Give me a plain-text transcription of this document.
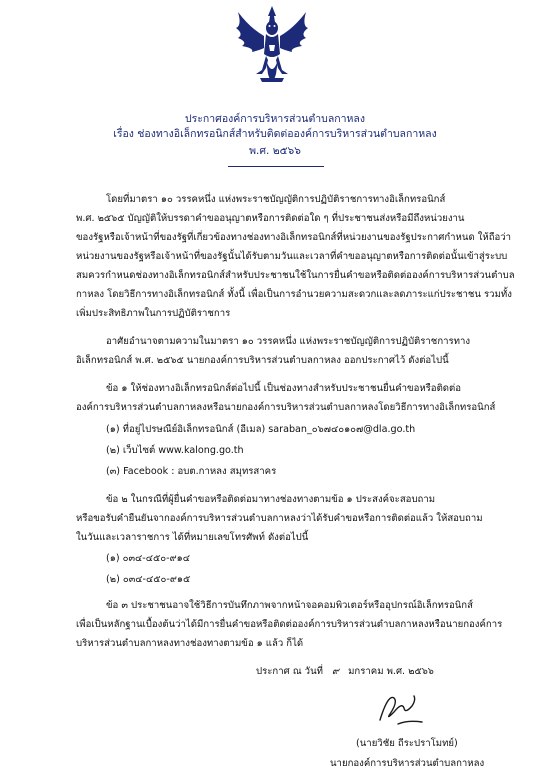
ประกาศองค์การบริหารส่วนตำบลกาหลง
เรื่อง ช่องทางอิเล็กทรอนิกส์สำหรับติดต่อองค์การบริหารส่วนตำบลกาหลง
พ.ศ. ๒๕๖๖
โดยที่มาตรา ๑๐ วรรคหนึ่ง แห่งพระราชบัญญัติการปฏิบัติราชการทางอิเล็กทรอนิกส์
พ.ศ. ๒๕๖๕ บัญญัติให้บรรดาคำขออนุญาตหรือการติดต่อใด ๆ ที่ประชาชนส่งหรือมีถึงหน่วยงาน
ของรัฐหรือเจ้าหน้าที่ของรัฐที่เกี่ยวข้องทางช่องทางอิเล็กทรอนิกส์ที่หน่วยงานของรัฐประกาศกำหนด ให้ถือว่า
หน่วยงานของรัฐหรือเจ้าหน้าที่ของรัฐนั้นได้รับตามวันและเวลาที่คำขออนุญาตหรือการติดต่อนั้นเข้าสู่ระบบ
สมควรกำหนดช่องทางอิเล็กทรอนิกส์สำหรับประชาชนใช้ในการยื่นคำขอหรือติดต่อองค์การบริหารส่วนตำบล
กาหลง โดยวิธีการทางอิเล็กทรอนิกส์ ทั้งนี้ เพื่อเป็นการอำนวยความสะดวกและลดภาระแก่ประชาชน รวมทั้ง
เพิ่มประสิทธิภาพในการปฏิบัติราชการ
อาศัยอำนาจตามความในมาตรา ๑๐ วรรคหนึ่ง แห่งพระราชบัญญัติการปฏิบัติราชการทาง
อิเล็กทรอนิกส์ พ.ศ. ๒๕๖๕ นายกองค์การบริหารส่วนตำบลกาหลง ออกประกาศไว้ ดังต่อไปนี้
ข้อ ๑ ให้ช่องทางอิเล็กทรอนิกส์ต่อไปนี้ เป็นช่องทางสำหรับประชาชนยื่นคำขอหรือติดต่อ
องค์การบริหารส่วนตำบลกาหลงหรือนายกองค์การบริหารส่วนตำบลกาหลงโดยวิธีการทางอิเล็กทรอนิกส์
(๑) ที่อยู่ไปรษณีย์อิเล็กทรอนิกส์ (อีเมล) saraban_๐๖๗๔๐๑๐๗@dla.go.th
(๒) เว็บไซต์ www.kalong.go.th
(๓) Facebook : อบต.กาหลง สมุทรสาคร
ข้อ ๒ ในกรณีที่ผู้ยื่นคำขอหรือติดต่อมาทางช่องทางตามข้อ ๑ ประสงค์จะสอบถาม
หรือขอรับคำยืนยันจากองค์การบริหารส่วนตำบลกาหลงว่าได้รับคำขอหรือการติดต่อแล้ว ให้สอบถาม
ในวันและเวลาราชการ ได้ที่หมายเลขโทรศัพท์ ดังต่อไปนี้
(๑) ๐๓๔-๔๕๐-๙๑๔
(๒) ๐๓๔-๔๕๐-๙๑๕
ข้อ ๓ ประชาชนอาจใช้วิธีการบันทึกภาพจากหน้าจอคอมพิวเตอร์หรืออุปกรณ์อิเล็กทรอนิกส์
เพื่อเป็นหลักฐานเบื้องต้นว่าได้มีการยื่นคำขอหรือติดต่อองค์การบริหารส่วนตำบลกาหลงหรือนายกองค์การ
บริหารส่วนตำบลกาหลงทางช่องทางตามข้อ ๑ แล้ว ก็ได้
ประกาศ ณ วันที่ ๙ มกราคม พ.ศ. ๒๕๖๖
(นายวิชัย ถีระปราโมทย์)
นายกองค์การบริหารส่วนตำบลกาหลง
